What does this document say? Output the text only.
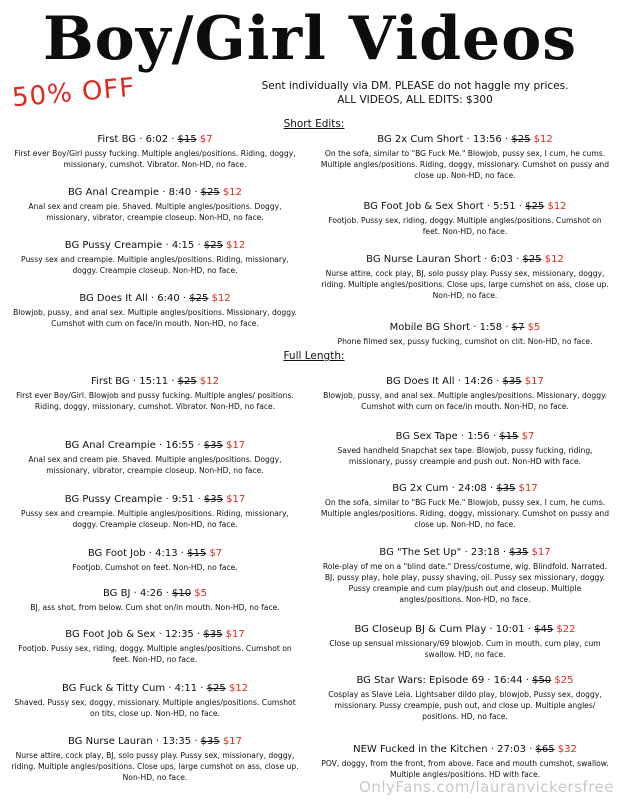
Boy/Girl Videos
50% OFF	Sent individually via DM. PLEASE do not haggle my prices.
ALL VIDEOS, ALL EDITS: $300
Short Edits:
Full Length:
First BG · 6:02 · $15 $7
First ever Boy/Girl pussy fucking. Multiple angles/positions. Riding, doggy, missionary, cumshot. Vibrator. Non-HD, no face.
BG Anal Creampie · 8:40 · $25 $12
Anal sex and cream pie. Shaved. Multiple angles/positions. Doggy, missionary, vibrator, creampie closeup. Non-HD, no face.
BG Pussy Creampie · 4:15 · $25 $12
Pussy sex and creampie. Multiple angles/positions. Riding, missionary, doggy. Creampie closeup. Non-HD, no face.
BG Does It All · 6:40 · $25 $12
Blowjob, pussy, and anal sex. Multiple angles/positions. Missionary, doggy. Cumshot with cum on face/in mouth. Non-HD, no face.
BG 2x Cum Short · 13:56 · $25 $12
On the sofa, similar to "BG Fuck Me." Blowjob, pussy sex, I cum, he cums. Multiple angles/positions. Riding, doggy, missionary. Cumshot on pussy and close up. Non-HD, no face.
BG Foot Job & Sex Short · 5:51 · $25 $12
Footjob. Pussy sex, riding, doggy. Multiple angles/positions. Cumshot on feet. Non-HD, no face.
BG Nurse Lauran Short · 6:03 · $25 $12
Nurse attire, cock play, BJ, solo pussy play. Pussy sex, missionary, doggy, riding. Multiple angles/positions. Close ups, large cumshot on ass, close up. Non-HD, no face.
Mobile BG Short · 1:58 · $7 $5
Phone filmed sex, pussy fucking, cumshot on clit. Non-HD, no face.
First BG · 15:11 · $25 $12
First ever Boy/Girl. Blowjob and pussy fucking. Multiple angles/ positions. Riding, doggy, missionary, cumshot. Vibrator. Non-HD, no face.
BG Anal Creampie · 16:55 · $35 $17
Anal sex and cream pie. Shaved. Multiple angles/positions. Doggy, missionary, vibrator, creampie closeup. Non-HD, no face.
BG Pussy Creampie · 9:51 · $35 $17
Pussy sex and creampie. Multiple angles/positions. Riding, missionary, doggy. Creampie closeup. Non-HD, no face.
BG Foot Job · 4:13 · $15 $7
Footjob. Cumshot on feet. Non-HD, no face.
BG BJ · 4:26 · $10 $5
BJ, ass shot, from below. Cum shot on/in mouth. Non-HD, no face.
BG Foot Job & Sex · 12:35 · $35 $17
Footjob. Pussy sex, riding, doggy. Multiple angles/positions. Cumshot on feet. Non-HD, no face.
BG Fuck & Titty Cum · 4:11 · $25 $12
Shaved. Pussy sex, doggy, missionary. Multiple angles/positions. Cumshot on tits, close up. Non-HD, no face.
BG Nurse Lauran · 13:35 · $35 $17
Nurse attire, cock play, BJ, solo pussy play. Pussy sex, missionary, doggy, riding. Multiple angles/positions. Close ups, large cumshot on ass, close up. Non-HD, no face.
BG Does It All · 14:26 · $35 $17
Blowjob, pussy, and anal sex. Multiple angles/positions. Missionary, doggy. Cumshot with cum on face/in mouth. Non-HD, no face.
BG Sex Tape · 1:56 · $15 $7
Saved handheld Snapchat sex tape. Blowjob, pussy fucking, riding, missionary, pussy creampie and push out. Non-HD with face.
BG 2x Cum · 24:08 · $35 $17
On the sofa, similar to "BG Fuck Me." Blowjob, pussy sex, I cum, he cums. Multiple angles/positions. Riding, doggy, missionary. Cumshot on pussy and close up. Non-HD, no face.
BG "The Set Up" · 23:18 · $35 $17
Role-play of me on a "blind date." Dress/costume, wig. Blindfold. Narrated. BJ, pussy play, hole play, pussy shaving, oil. Pussy sex missionary, doggy. Pussy creampie and cum play/push out and closeup. Multiple angles/positions. Non-HD, no face.
BG Closeup BJ & Cum Play · 10:01 · $45 $22
Close up sensual missionary/69 blowjob. Cum in mouth, cum play, cum swallow. HD, no face.
BG Star Wars: Episode 69 · 16:44 · $50 $25
Cosplay as Slave Leia. Lightsaber dildo play, blowjob, Pussy sex, doggy, missionary. Pussy creampie, push out, and close up. Multiple angles/ positions. HD, no face.
NEW Fucked in the Kitchen · 27:03 · $65 $32
POV, doggy, from the front, from above. Face and mouth cumshot, swallow. Multiple angles/positions. HD with face.
OnlyFans.com/lauranvickersfree
